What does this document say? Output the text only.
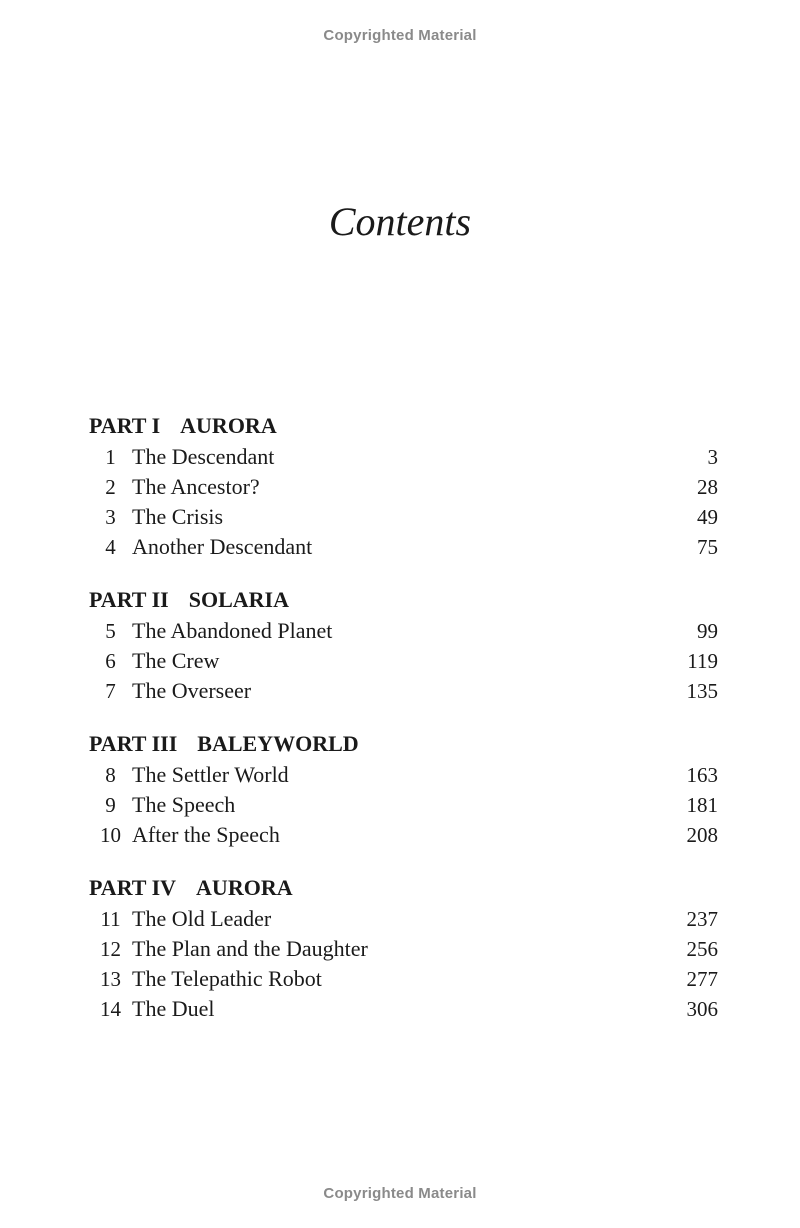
Copyrighted Material
Contents
PART I AURORA
1 The Descendant	3
2 The Ancestor?	28
3 The Crisis	49
4 Another Descendant	75
PART II SOLARIA
5 The Abandoned Planet	99
6 The Crew	119
7 The Overseer	135
PART III BALEYWORLD
8 The Settler World	163
9 The Speech	181
10 After the Speech	208
PART IV AURORA
11 The Old Leader	237
12 The Plan and the Daughter	256
13 The Telepathic Robot	277
14 The Duel	306
Copyrighted Material
